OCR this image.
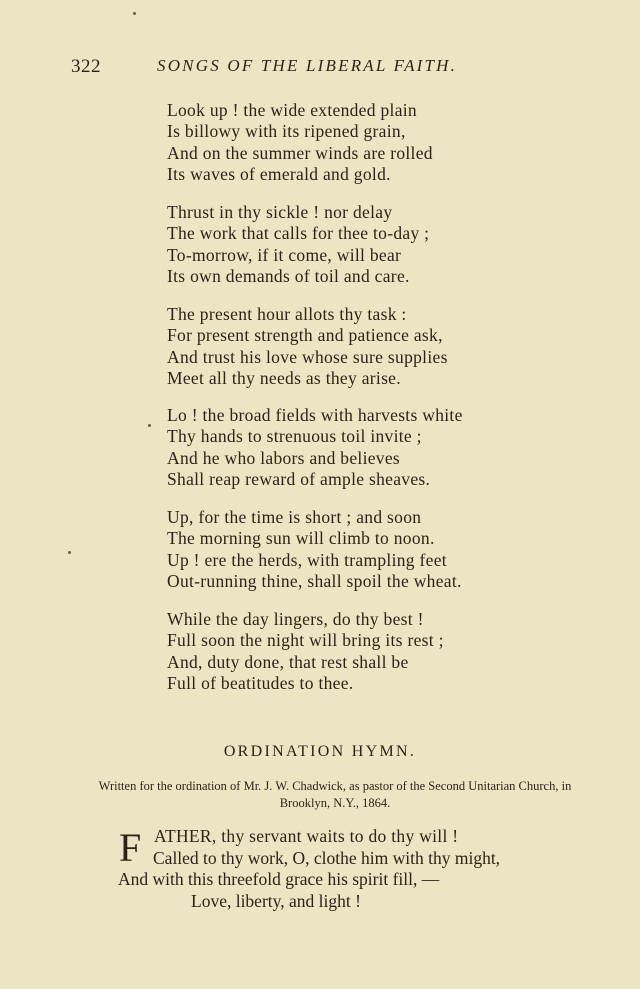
322	SONGS OF THE LIBERAL FAITH.
Look up ! the wide extended plain
Is billowy with its ripened grain,
And on the summer winds are rolled
Its waves of emerald and gold.
Thrust in thy sickle ! nor delay
The work that calls for thee to-day ;
To-morrow, if it come, will bear
Its own demands of toil and care.
The present hour allots thy task :
For present strength and patience ask,
And trust his love whose sure supplies
Meet all thy needs as they arise.
Lo ! the broad fields with harvests white
Thy hands to strenuous toil invite ;
And he who labors and believes
Shall reap reward of ample sheaves.
Up, for the time is short ; and soon
The morning sun will climb to noon.
Up ! ere the herds, with trampling feet
Out-running thine, shall spoil the wheat.
While the day lingers, do thy best !
Full soon the night will bring its rest ;
And, duty done, that rest shall be
Full of beatitudes to thee.
ORDINATION HYMN.
Written for the ordination of Mr. J. W. Chadwick, as pastor of the Second Unitarian Church, in Brooklyn, N.Y., 1864.
F ATHER, thy servant waits to do thy will !
Called to thy work, O, clothe him with thy might,
And with this threefold grace his spirit fill, —
Love, liberty, and light !
